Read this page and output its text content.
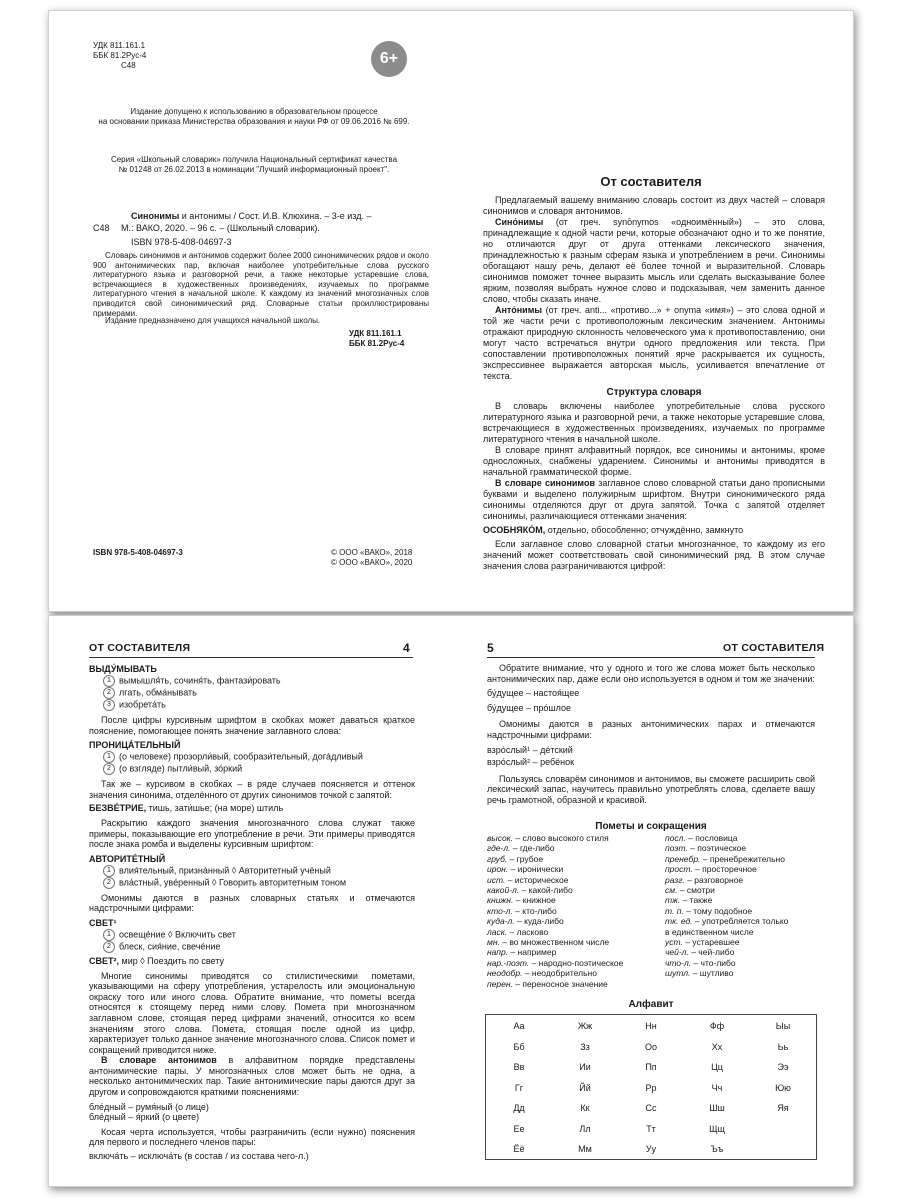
УДК 811.161.1
ББК 81.2Рус-4
С48	6+
Издание допущено к использованию в образовательном процессе
на основании приказа Министерства образования и науки РФ от 09.06.2016 № 699.
Серия «Школьный словарик» получила Национальный сертификат качества
№ 01248 от 26.02.2013 в номинации "Лучший информационный проект".
Синонимы и антонимы / Сост. И.В. Клюхина. – 3-е изд. –
С48	М.: ВАКО, 2020. – 96 с. – (Школьный словарик).
ISBN 978-5-408-04697-3
Словарь синонимов и антонимов содержит более 2000 синонимических рядов и около 900 антонимических пар, включая наиболее употребительные слова русского литературного языка и разговорной речи, а также некоторые устаревшие слова, встречающиеся в художественных произведениях, изучаемых по программе литературного чтения в начальной школе. К каждому из значений многозначных слов приводится свой синонимический ряд. Словарные статьи проиллюстрированы примерами.
Издание предназначено для учащихся начальной школы.
УДК 811.161.1
ББК 81.2Рус-4
ISBN 978-5-408-04697-3	© ООО «ВАКО», 2018
© ООО «ВАКО», 2020
От составителя

Предлагаемый вашему вниманию словарь состоит из двух частей – словаря синонимов и словаря антонимов.

Сино́нимы (от греч. synōnymos «одноимённый») – это слова, принадлежащие к одной части речи, которые обозначают одно и то же понятие, но отличаются друг от друга оттенками лексического значения, принадлежностью к разным сферам языка и употреблением в речи. Синонимы обогащают нашу речь, делают её более точной и выразительной. Словарь синонимов поможет точнее выразить мысль или сделать высказывание более ярким, позволяя выбрать нужное слово и подсказывая, чем заменить данное слово, чтобы сказать иначе.

Анто́нимы (от греч. anti... «противо...» + onyma «имя») – это слова одной и той же части речи с противоположным лексическим значением. Антонимы отражают природную склонность человеческого ума к противопоставлению, они могут часто встречаться внутри одного предложения или текста. При сопоставлении противоположных понятий ярче раскрывается их сущность, экспрессивнее выражается авторская мысль, усиливается впечатление от текста.

Структура словаря

В словарь включены наиболее употребительные слова русского литературного языка и разговорной речи, а также некоторые устаревшие слова, встречающиеся в художественных произведениях, изучаемых по программе литературного чтения в начальной школе.

В словаре принят алфавитный порядок, все синонимы и антонимы, кроме односложных, снабжены ударением. Синонимы и антонимы приводятся в начальной грамматической форме.

В словаре синонимов заглавное слово словарной статьи дано прописными буквами и выделено полужирным шрифтом. Внутри синонимического ряда синонимы отделяются друг от друга запятой. Точка с запятой отделяет синонимы, различающиеся оттенками значения:

ОСОБНЯКО́М, отдельно, обособленно; отчуждённо, замкнуто

Если заглавное слово словарной статьи многозначное, то каждому из его значений может соответствовать свой синонимический ряд. В этом случае значения слова разграничиваются цифрой:

ОТ СОСТАВИТЕЛЯ	4
ВЫДУ́МЫВАТЬ
1 вымышля́ть, сочиня́ть, фантази́ровать
2 лгать, обма́нывать
3 изобрета́ть

После цифры курсивным шрифтом в скобках может даваться краткое пояснение, помогающее понять значение заглавного слова:

ПРОНИЦА́ТЕЛЬНЫЙ
1 (о человеке) прозорли́вый, сообрази́тельный, догáдливый
2 (о взгляде) пытли́вый, зо́ркий

Так же – курсивом в скобках – в ряде случаев поясняется и оттенок значения синонима, отделённого от других синонимов точкой с запятой:

БЕЗВЕ́ТРИЕ, тишь, зати́шье; (на море) штиль

Раскрытию каждого значения многозначного слова служат также примеры, показывающие его употребление в речи. Эти примеры приводятся после знака ромба и выделены курсивным шрифтом:

АВТОРИТЕ́ТНЫЙ
1 влия́тельный, призна́нный ◊ Авторитетный учёный
2 вла́стный, уве́ренный ◊ Говорить авторитетным тоном

Омонимы даются в разных словарных статьях и отмечаются надстрочными цифрами:

СВЕТ¹
1 освеще́ние ◊ Включить свет
2 блеск, сия́ние, свече́ние

СВЕТ², мир ◊ Поездить по свету

Многие синонимы приводятся со стилистическими пометами, указывающими на сферу употребления, устарелость или эмоциональную окраску того или иного слова. Обратите внимание, что пометы всегда относятся к стоящему перед ними слову. Помета при многозначном заглавном слове, стоящая перед цифрами значений, относится ко всем значениям этого слова. Помета, стоящая после одной из цифр, характеризует только данное значение многозначного слова. Список помет и сокращений приводится ниже.

В словаре антонимов в алфавитном порядке представлены антонимические пары. У многозначных слов может быть не одна, а несколько антонимических пар. Такие антонимические пары даются друг за другом и сопровождаются краткими пояснениями:

бле́дный – румя́ный (о лице)

бле́дный – я́ркий (о цвете)

Косая черта используется, чтобы разграничить (если нужно) пояснения для первого и последнего членов пары:

включа́ть – исключа́ть (в состав / из состава чего-л.)

5	ОТ СОСТАВИТЕЛЯ

Обратите внимание, что у одного и того же слова может быть несколько антонимических пар, даже если оно используется в одном и том же значении:

бу́дущее – настоя́щее

бу́дущее – про́шлое

Омонимы даются в разных антонимических парах и отмечаются надстрочными цифрами:

взро́слый¹ – де́тский

взро́слый² – ребёнок

Пользуясь словарём синонимов и антонимов, вы сможете расширить свой лексический запас, научитесь правильно употреблять слова, сделаете вашу речь грамотной, образной и красивой.

Пометы и сокращения
высок. – слово высокого стиля
где-л. – где-либо
груб. – грубое
ирон. – иронически
ист. – историческое
какой-л. – какой-либо
книжн. – книжное
кто-л. – кто-либо
куда-л. – куда-либо
ласк. – ласково
мн. – во множественном числе
напр. – например
нар.-поэт. – народно-поэтическое
неодобр. – неодобрительно
перен. – переносное значение
посл. – пословица
поэт. – поэтическое
пренебр. – пренебрежительно
прост. – просторечное
разг. – разговорное
см. – смотри
тж. – также
т. п. – тому подобное
тк. ед. – употребляется только
в единственном числе
уст. – устаревшее
чей-л. – чей-либо
что-л. – что-либо
шутл. – шутливо
Алфавит
Аа	Жж	Нн	Фф	Ыы
Бб	Зз	Оо	Хх	Ьь
Вв	Ии	Пп	Цц	Ээ
Гг	Йй	Рр	Чч	Юю
Дд	Кк	Сс	Шш	Яя
Ее	Лл	Тт	Щщ
Ёё	Мм	Уу	Ъъ
